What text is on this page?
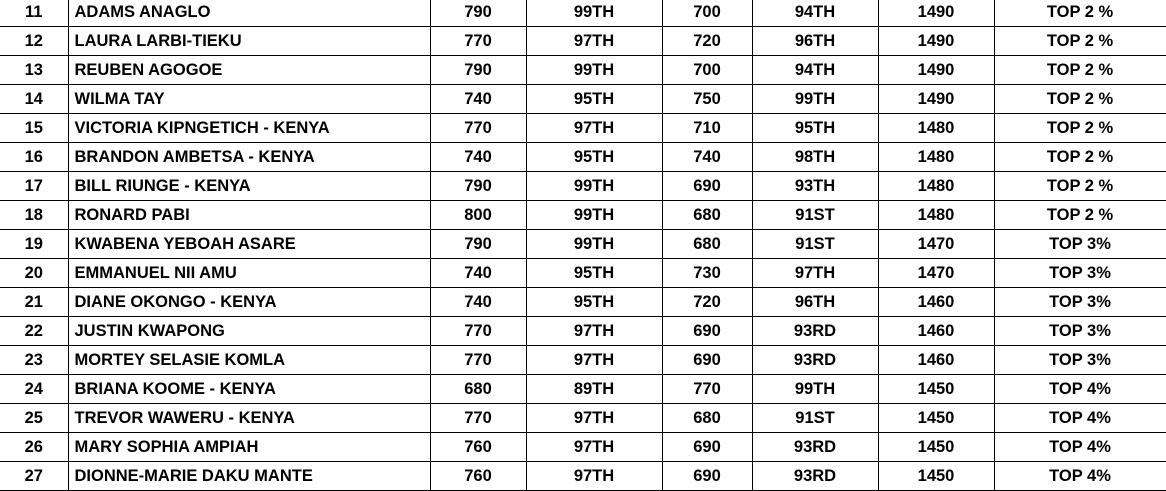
11	ADAMS ANAGLO	790	99TH	700	94TH	1490	TOP 2 %
12	LAURA LARBI-TIEKU	770	97TH	720	96TH	1490	TOP 2 %
13	REUBEN AGOGOE	790	99TH	700	94TH	1490	TOP 2 %
14	WILMA TAY	740	95TH	750	99TH	1490	TOP 2 %
15	VICTORIA KIPNGETICH - KENYA	770	97TH	710	95TH	1480	TOP 2 %
16	BRANDON AMBETSA - KENYA	740	95TH	740	98TH	1480	TOP 2 %
17	BILL RIUNGE - KENYA	790	99TH	690	93TH	1480	TOP 2 %
18	RONARD PABI	800	99TH	680	91ST	1480	TOP 2 %
19	KWABENA YEBOAH ASARE	790	99TH	680	91ST	1470	TOP 3%
20	EMMANUEL NII AMU	740	95TH	730	97TH	1470	TOP 3%
21	DIANE OKONGO - KENYA	740	95TH	720	96TH	1460	TOP 3%
22	JUSTIN KWAPONG	770	97TH	690	93RD	1460	TOP 3%
23	MORTEY SELASIE KOMLA	770	97TH	690	93RD	1460	TOP 3%
24	BRIANA KOOME - KENYA	680	89TH	770	99TH	1450	TOP 4%
25	TREVOR WAWERU - KENYA	770	97TH	680	91ST	1450	TOP 4%
26	MARY SOPHIA AMPIAH	760	97TH	690	93RD	1450	TOP 4%
27	DIONNE-MARIE DAKU MANTE	760	97TH	690	93RD	1450	TOP 4%
